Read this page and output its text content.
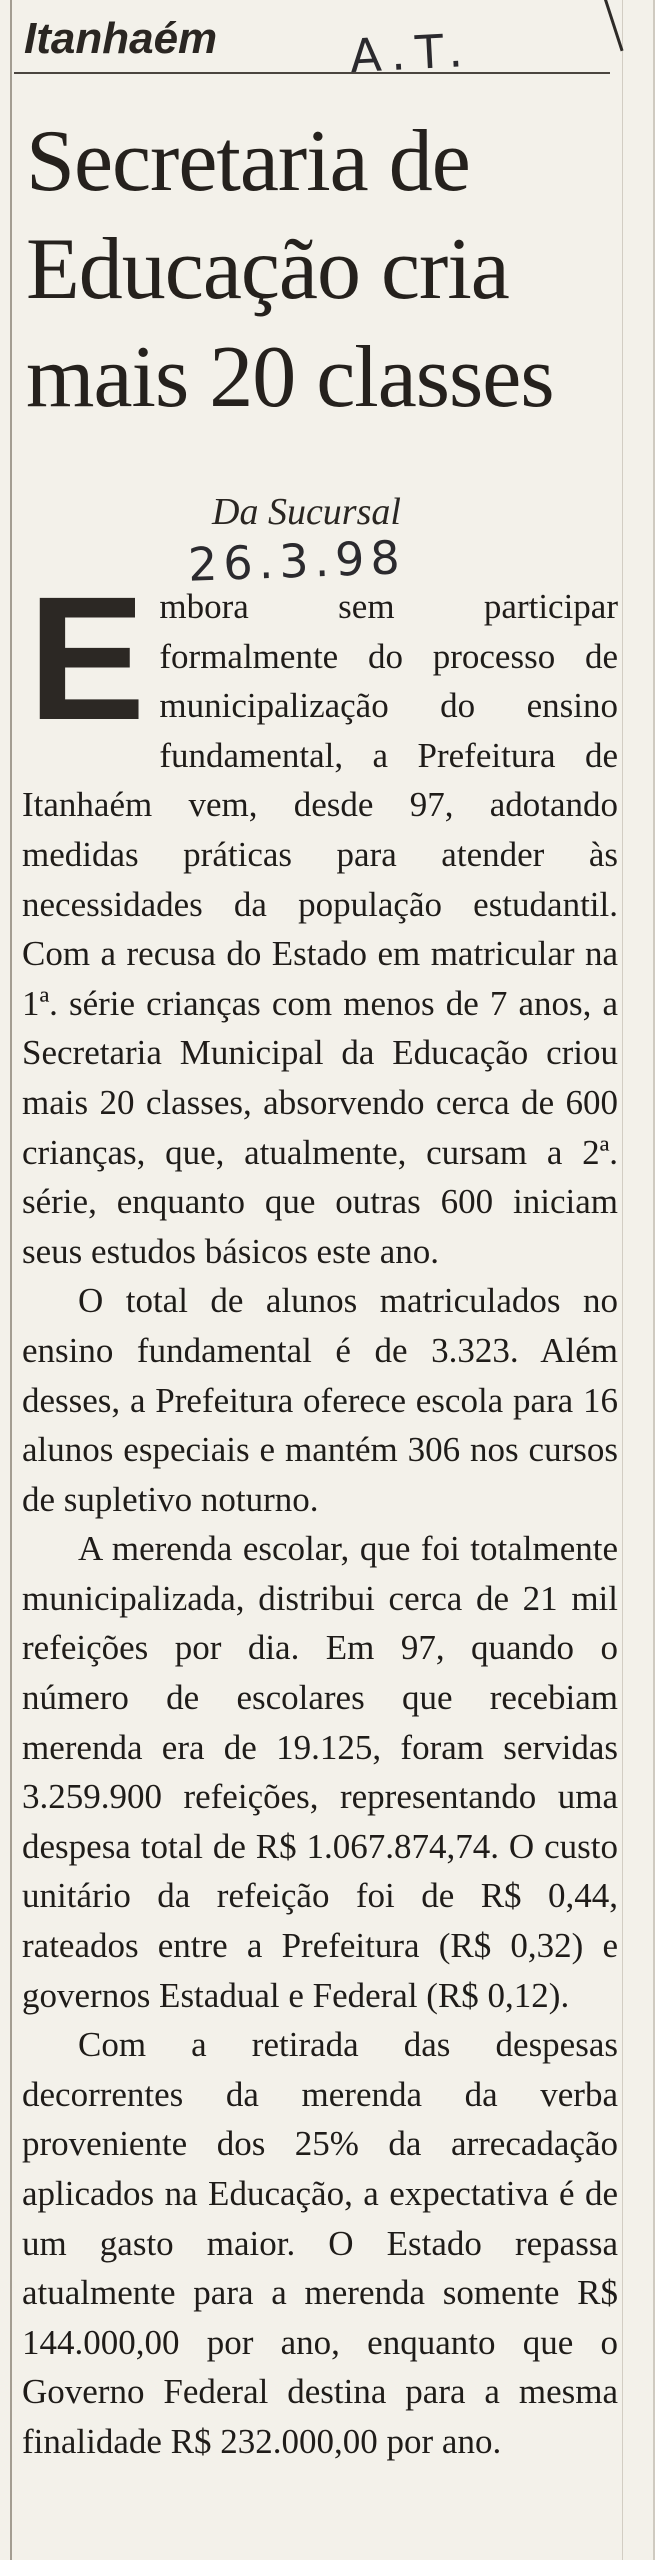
Itanhaém	A.T.
Secretaria de Educação cria mais 20 classes
Da Sucursal
26.3.98

Embora sem participar formalmente do processo de municipalização do ensino fundamental, a Prefeitura de Itanhaém vem, desde 97, adotando medidas práticas para atender às necessidades da população estudantil. Com a recusa do Estado em matricular na 1ª. série crianças com menos de 7 anos, a Secretaria Municipal da Educação criou mais 20 classes, absorvendo cerca de 600 crianças, que, atualmente, cursam a 2ª. série, enquanto que outras 600 iniciam seus estudos básicos este ano.

O total de alunos matriculados no ensino fundamental é de 3.323. Além desses, a Prefeitura oferece escola para 16 alunos especiais e mantém 306 nos cursos de supletivo noturno.

A merenda escolar, que foi totalmente municipalizada, distribui cerca de 21 mil refeições por dia. Em 97, quando o número de escolares que recebiam merenda era de 19.125, foram servidas 3.259.900 refeições, representando uma despesa total de R$ 1.067.874,74. O custo unitário da refeição foi de R$ 0,44, rateados entre a Prefeitura (R$ 0,32) e governos Estadual e Federal (R$ 0,12).

Com a retirada das despesas decorrentes da merenda da verba proveniente dos 25% da arrecadação aplicados na Educação, a expectativa é de um gasto maior. O Estado repassa atualmente para a merenda somente R$ 144.000,00 por ano, enquanto que o Governo Federal destina para a mesma finalidade R$ 232.000,00 por ano.
